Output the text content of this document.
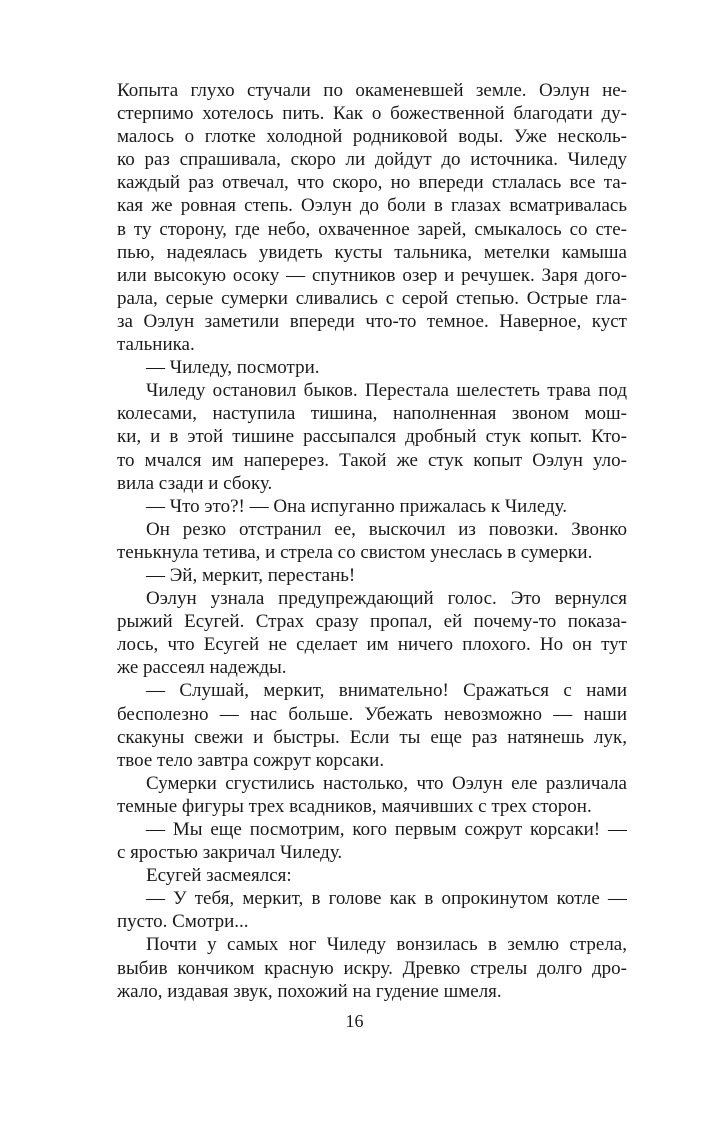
Копыта глухо стучали по окаменевшей земле. Оэлун не-
стерпимо хотелось пить. Как о божественной благодати ду-
малось о глотке холодной родниковой воды. Уже несколь-
ко раз спрашивала, скоро ли дойдут до источника. Чиледу
каждый раз отвечал, что скоро, но впереди стлалась все та-
кая же ровная степь. Оэлун до боли в глазах всматривалась
в ту сторону, где небо, охваченное зарей, смыкалось со сте-
пью, надеялась увидеть кусты тальника, метелки камыша
или высокую осоку — спутников озер и речушек. Заря дого-
рала, серые сумерки сливались с серой степью. Острые гла-
за Оэлун заметили впереди что-то темное. Наверное, куст
тальника.
— Чиледу, посмотри.
Чиледу остановил быков. Перестала шелестеть трава под
колесами, наступила тишина, наполненная звоном мош-
ки, и в этой тишине рассыпался дробный стук копыт. Кто-
то мчался им наперерез. Такой же стук копыт Оэлун уло-
вила сзади и сбоку.
— Что это?! — Она испуганно прижалась к Чиледу.
Он резко отстранил ее, выскочил из повозки. Звонко
тенькнула тетива, и стрела со свистом унеслась в сумерки.
— Эй, меркит, перестань!
Оэлун узнала предупреждающий голос. Это вернулся
рыжий Есугей. Страх сразу пропал, ей почему-то показа-
лось, что Есугей не сделает им ничего плохого. Но он тут
же рассеял надежды.
— Слушай, меркит, внимательно! Сражаться с нами
бесполезно — нас больше. Убежать невозможно — наши
скакуны свежи и быстры. Если ты еще раз натянешь лук,
твое тело завтра сожрут корсаки.
Сумерки сгустились настолько, что Оэлун еле различала
темные фигуры трех всадников, маячивших с трех сторон.
— Мы еще посмотрим, кого первым сожрут корсаки! —
с яростью закричал Чиледу.
Есугей засмеялся:
— У тебя, меркит, в голове как в опрокинутом котле —
пусто. Смотри...
Почти у самых ног Чиледу вонзилась в землю стрела,
выбив кончиком красную искру. Древко стрелы долго дро-
жало, издавая звук, похожий на гудение шмеля.
16
